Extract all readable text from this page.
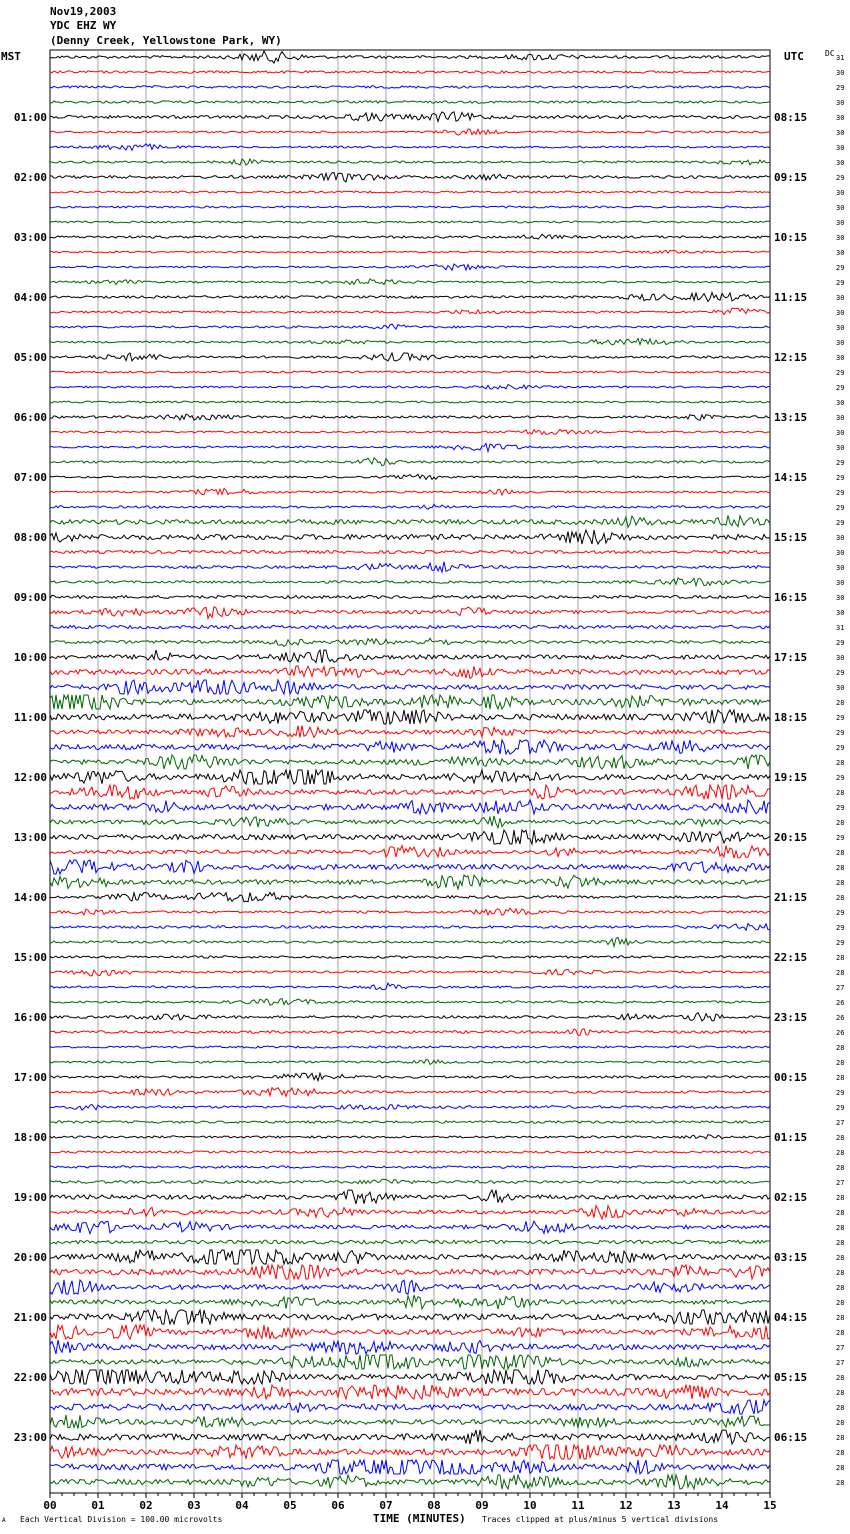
Nov19,2003
YDC EHZ WY
(Denny Creek, Yellowstone Park, WY)
MST	UTC	DC
00	01	02	03	04	05	06	07	08	09	10	11	12	13	14	15
31
30
29
30
30
30
30
30
29
30
30
30
30
30
29
29
30
30
30
30
30
29
29
30
30
30
30
29
29
29
29
29
30
30
30
30
30
30
31
29
30
29
30
28
29
29
29
28
29
28
29
28
29
28
28
28
28
29
29
29
28
28
27
26
26
26
28
28
28
29
29
27
28
28
28
27
28
28
28
28
28
28
28
28
28
28
27
27
28
28
28
28
28
28
28
28
01:00	08:15
02:00	09:15
03:00	10:15
04:00	11:15
05:00	12:15
06:00	13:15
07:00	14:15
08:00	15:15
09:00	16:15
10:00	17:15
11:00	18:15
12:00	19:15
13:00	20:15
14:00	21:15
15:00	22:15
16:00	23:15
17:00	00:15
18:00	01:15
19:00	02:15
20:00	03:15
21:00	04:15
22:00	05:15
23:00	06:15
A Each Vertical Division = 100.00 microvolts	TIME (MINUTES) Traces clipped at plus/minus 5 vertical divisions
